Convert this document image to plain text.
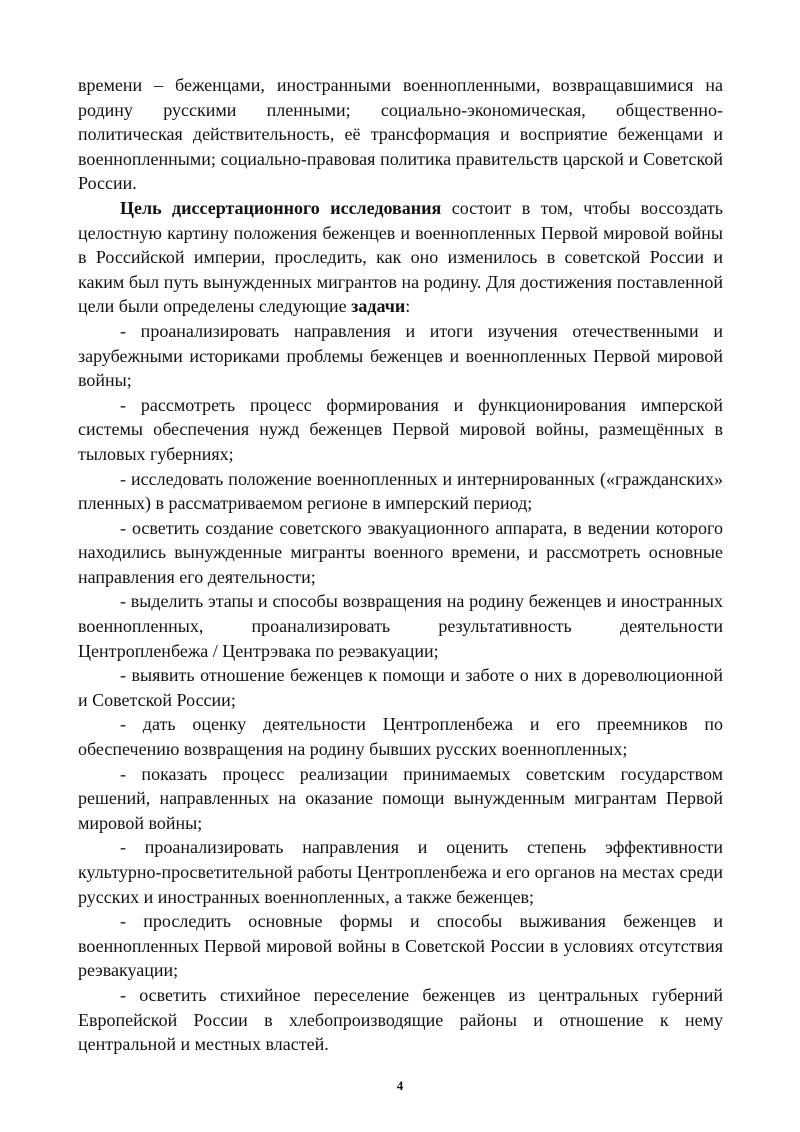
времени – беженцами, иностранными военнопленными, возвращавшимися на родину русскими пленными; социально-экономическая, общественно-политическая действительность, её трансформация и восприятие беженцами и военнопленными; социально-правовая политика правительств царской и Советской России.

Цель диссертационного исследования состоит в том, чтобы воссоздать целостную картину положения беженцев и военнопленных Первой мировой войны в Российской империи, проследить, как оно изменилось в советской России и каким был путь вынужденных мигрантов на родину. Для достижения поставленной цели были определены следующие задачи:

- проанализировать направления и итоги изучения отечественными и зарубежными историками проблемы беженцев и военнопленных Первой мировой войны;

- рассмотреть процесс формирования и функционирования имперской системы обеспечения нужд беженцев Первой мировой войны, размещённых в тыловых губерниях;

- исследовать положение военнопленных и интернированных («гражданских» пленных) в рассматриваемом регионе в имперский период;

- осветить создание советского эвакуационного аппарата, в ведении которого находились вынужденные мигранты военного времени, и рассмотреть основные направления его деятельности;

- выделить этапы и способы возвращения на родину беженцев и иностранных военнопленных, проанализировать результативность деятельности Центропленбежа / Центрэвака по реэвакуации;

- выявить отношение беженцев к помощи и заботе о них в дореволюционной и Советской России;

- дать оценку деятельности Центропленбежа и его преемников по обеспечению возвращения на родину бывших русских военнопленных;

- показать процесс реализации принимаемых советским государством решений, направленных на оказание помощи вынужденным мигрантам Первой мировой войны;

- проанализировать направления и оценить степень эффективности культурно-просветительной работы Центропленбежа и его органов на местах среди русских и иностранных военнопленных, а также беженцев;

- проследить основные формы и способы выживания беженцев и военнопленных Первой мировой войны в Советской России в условиях отсутствия реэвакуации;

- осветить стихийное переселение беженцев из центральных губерний Европейской России в хлебопроизводящие районы и отношение к нему центральной и местных властей.

4
